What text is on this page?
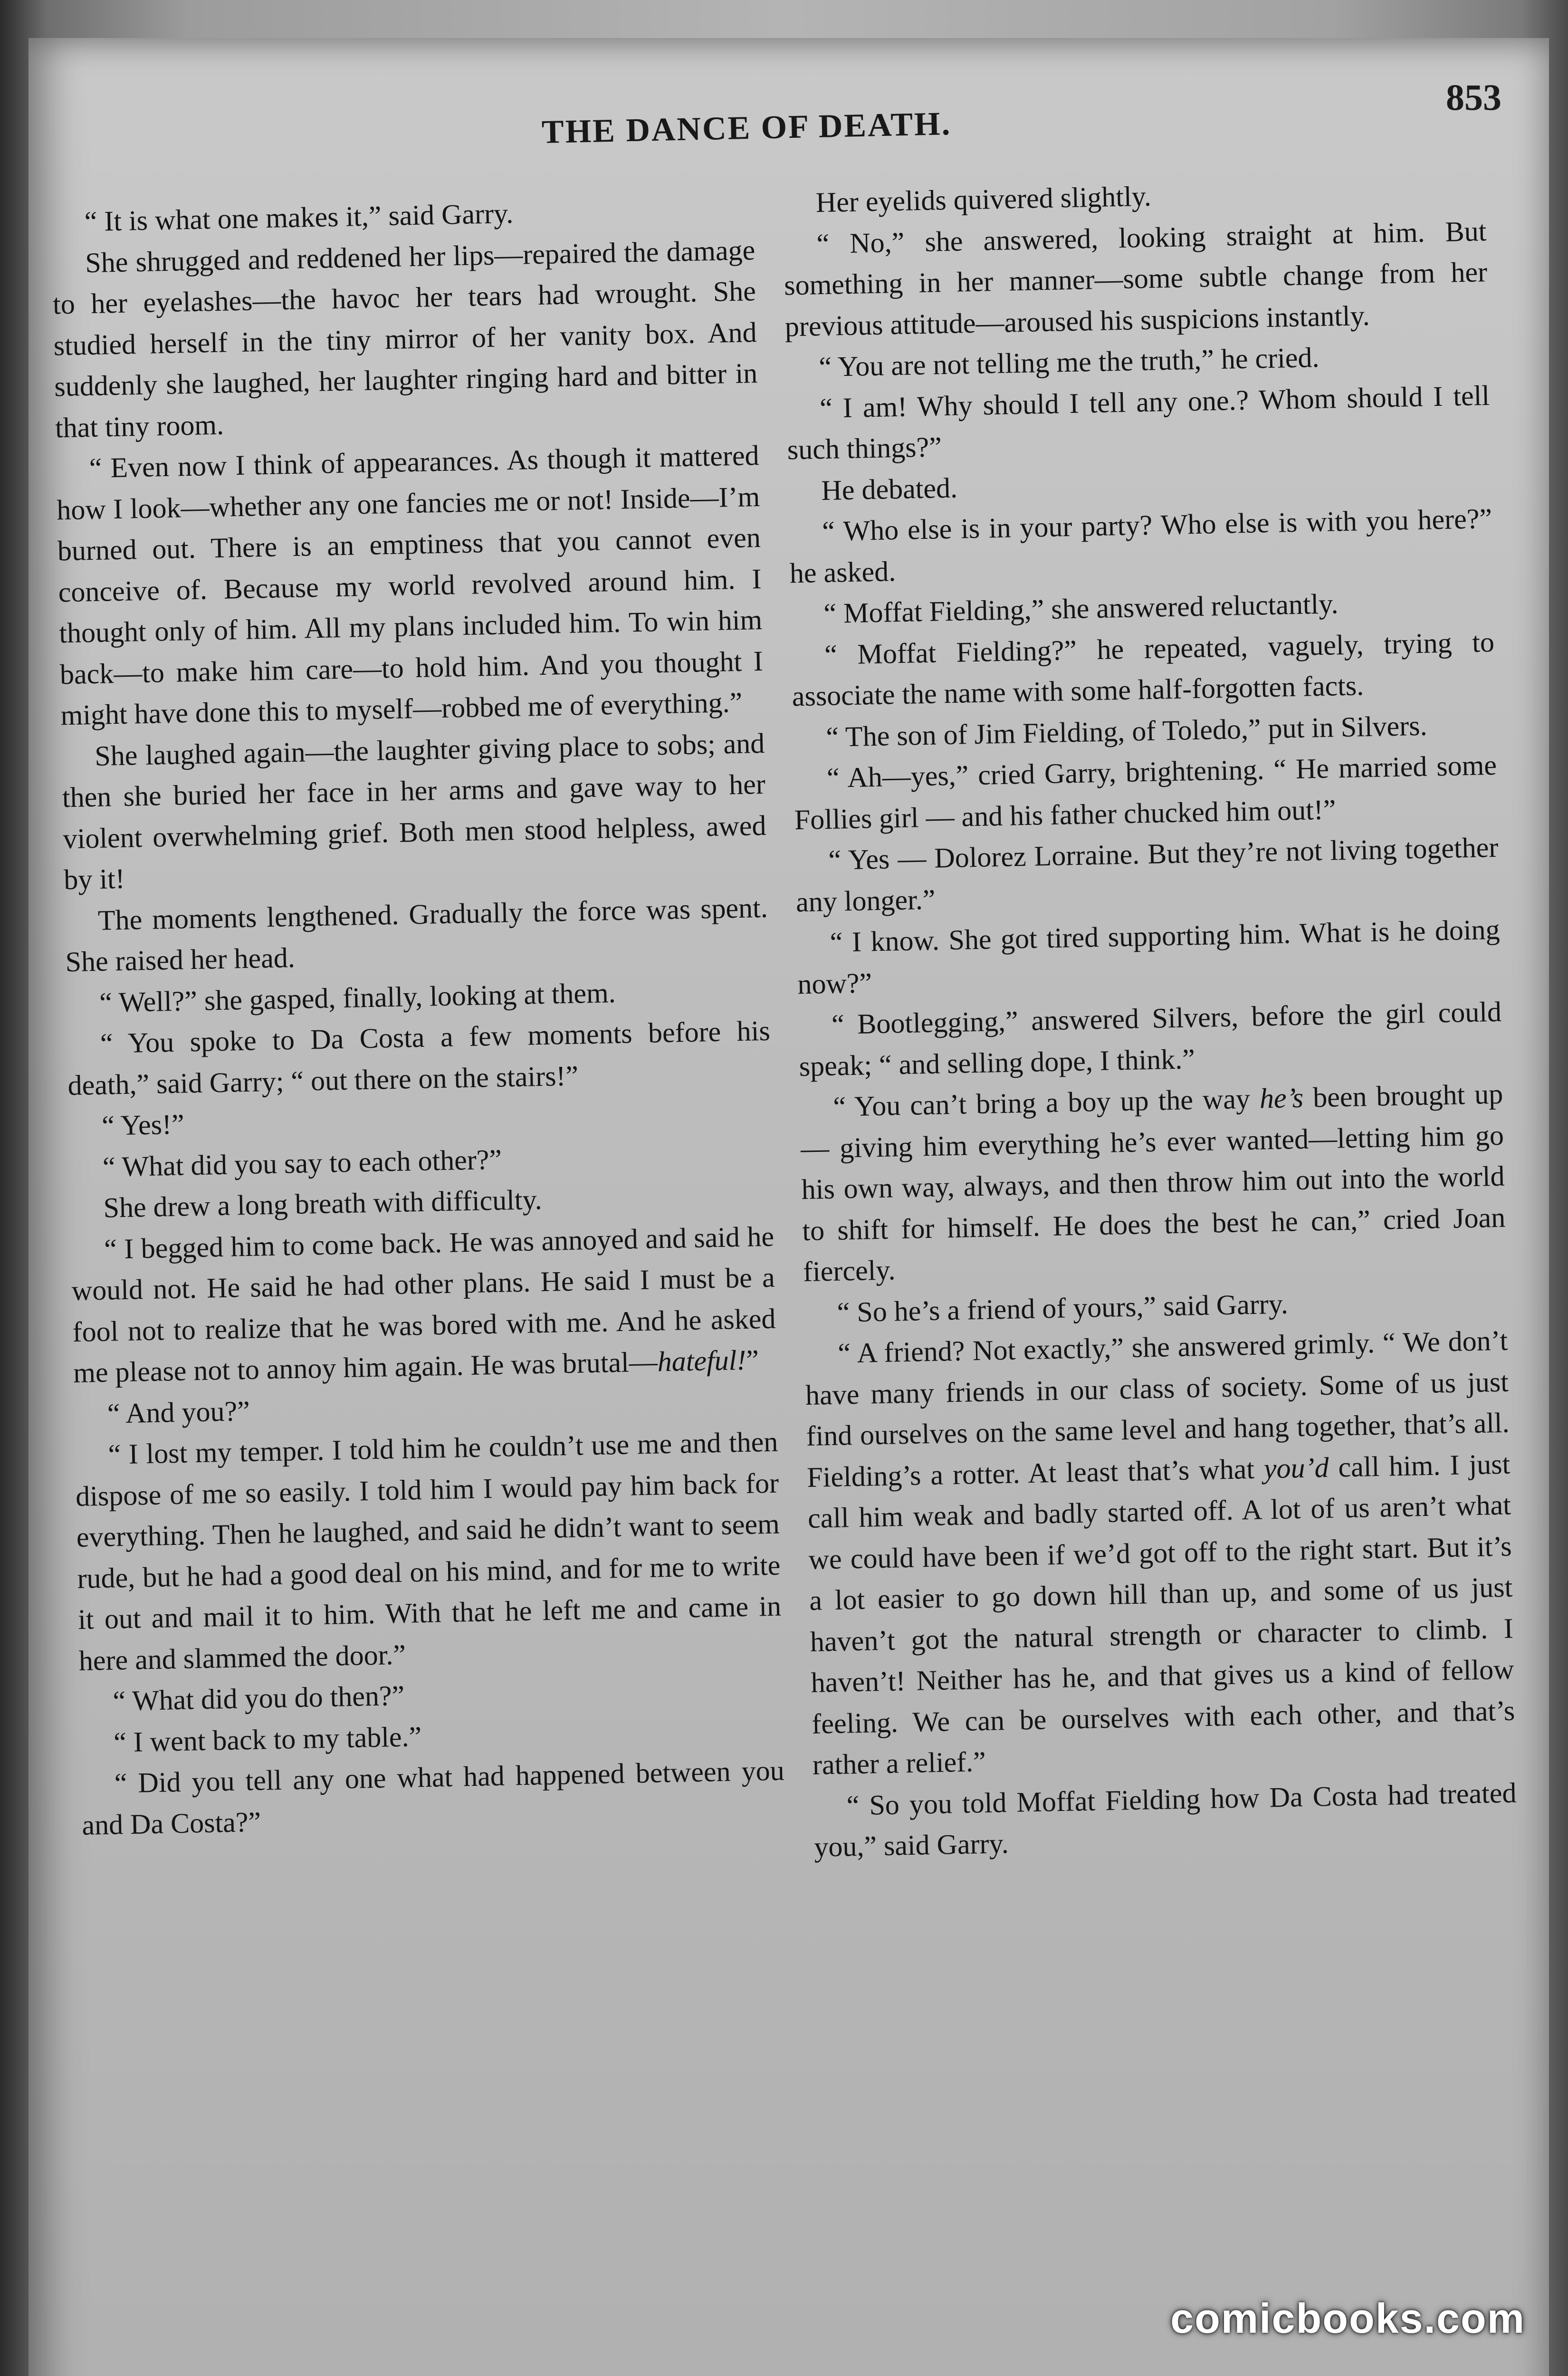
853
THE DANCE OF DEATH.

“ It is what one makes it,” said Garry.

She shrugged and reddened her lips—repaired the damage to her eyelashes—the havoc her tears had wrought. She studied herself in the tiny mirror of her vanity box. And suddenly she laughed, her laughter ringing hard and bitter in that tiny room.

“ Even now I think of appearances. As though it mattered how I look—whether any one fancies me or not! Inside—I’m burned out. There is an emptiness that you cannot even conceive of. Because my world revolved around him. I thought only of him. All my plans included him. To win him back—to make him care—to hold him. And you thought I might have done this to myself—robbed me of everything.”

She laughed again—the laughter giving place to sobs; and then she buried her face in her arms and gave way to her violent overwhelming grief. Both men stood helpless, awed by it!

The moments lengthened. Gradually the force was spent. She raised her head.

“ Well?” she gasped, finally, looking at them.

“ You spoke to Da Costa a few moments before his death,” said Garry; “ out there on the stairs!”

“ Yes!”

“ What did you say to each other?”

She drew a long breath with difficulty.

“ I begged him to come back. He was annoyed and said he would not. He said he had other plans. He said I must be a fool not to realize that he was bored with me. And he asked me please not to annoy him again. He was brutal—hateful!”

“ And you?”

“ I lost my temper. I told him he couldn’t use me and then dispose of me so easily. I told him I would pay him back for everything. Then he laughed, and said he didn’t want to seem rude, but he had a good deal on his mind, and for me to write it out and mail it to him. With that he left me and came in here and slammed the door.”

“ What did you do then?”

“ I went back to my table.”

“ Did you tell any one what had happened between you and Da Costa?”

Her eyelids quivered slightly.

“ No,” she answered, looking straight at him. But something in her manner—some subtle change from her previous attitude—aroused his suspicions instantly.

“ You are not telling me the truth,” he cried.

“ I am! Why should I tell any one.? Whom should I tell such things?”

He debated.

“ Who else is in your party? Who else is with you here?” he asked.

“ Moffat Fielding,” she answered reluctantly.

“ Moffat Fielding?” he repeated, vaguely, trying to associate the name with some half-forgotten facts.

“ The son of Jim Fielding, of Toledo,” put in Silvers.

“ Ah—yes,” cried Garry, brightening. “ He married some Follies girl — and his father chucked him out!”

“ Yes — Dolorez Lorraine. But they’re not living together any longer.”

“ I know. She got tired supporting him. What is he doing now?”

“ Bootlegging,” answered Silvers, before the girl could speak; “ and selling dope, I think.”

“ You can’t bring a boy up the way he’s been brought up — giving him everything he’s ever wanted—letting him go his own way, always, and then throw him out into the world to shift for himself. He does the best he can,” cried Joan fiercely.

“ So he’s a friend of yours,” said Garry.

“ A friend? Not exactly,” she answered grimly. “ We don’t have many friends in our class of society. Some of us just find ourselves on the same level and hang together, that’s all. Fielding’s a rotter. At least that’s what you’d call him. I just call him weak and badly started off. A lot of us aren’t what we could have been if we’d got off to the right start. But it’s a lot easier to go down hill than up, and some of us just haven’t got the natural strength or character to climb. I haven’t! Neither has he, and that gives us a kind of fellow feeling. We can be ourselves with each other, and that’s rather a relief.”

“ So you told Moffat Fielding how Da Costa had treated you,” said Garry.

comicbooks.com
